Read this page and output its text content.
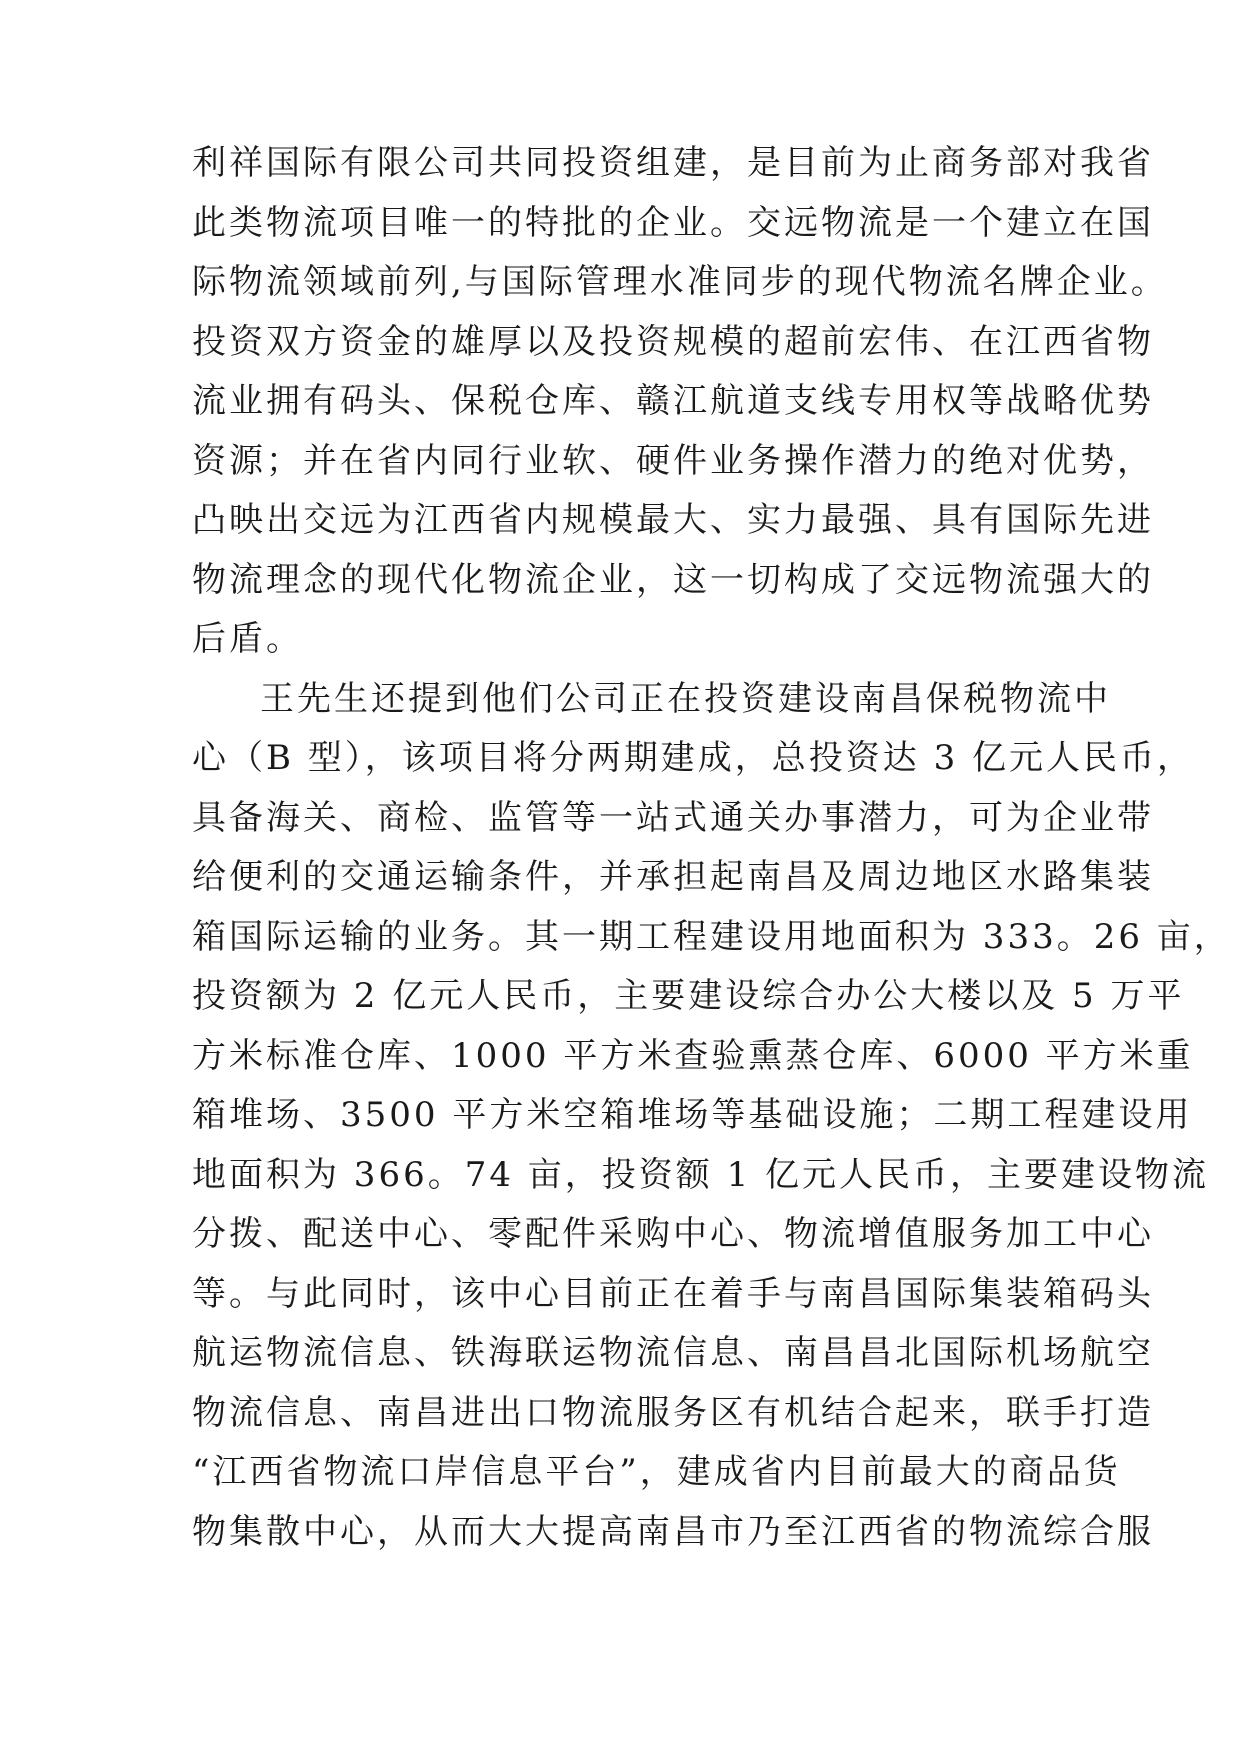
利祥国际有限公司共同投资组建，是目前为止商务部对我省
此类物流项目唯一的特批的企业。交远物流是一个建立在国
际物流领域前列,与国际管理水准同步的现代物流名牌企业。
投资双方资金的雄厚以及投资规模的超前宏伟、在江西省物
流业拥有码头、保税仓库、赣江航道支线专用权等战略优势
资源；并在省内同行业软、硬件业务操作潜力的绝对优势，
凸映出交远为江西省内规模最大、实力最强、具有国际先进
物流理念的现代化物流企业，这一切构成了交远物流强大的
后盾。
王先生还提到他们公司正在投资建设南昌保税物流中
心（B 型），该项目将分两期建成，总投资达 3 亿元人民币，
具备海关、商检、监管等一站式通关办事潜力，可为企业带
给便利的交通运输条件，并承担起南昌及周边地区水路集装
箱国际运输的业务。其一期工程建设用地面积为 333。26 亩，
投资额为 2 亿元人民币，主要建设综合办公大楼以及 5 万平
方米标准仓库、1000 平方米查验熏蒸仓库、6000 平方米重
箱堆场、3500 平方米空箱堆场等基础设施；二期工程建设用
地面积为 366。74 亩，投资额 1 亿元人民币，主要建设物流
分拨、配送中心、零配件采购中心、物流增值服务加工中心
等。与此同时，该中心目前正在着手与南昌国际集装箱码头
航运物流信息、铁海联运物流信息、南昌昌北国际机场航空
物流信息、南昌进出口物流服务区有机结合起来，联手打造
“江西省物流口岸信息平台”，建成省内目前最大的商品货
物集散中心，从而大大提高南昌市乃至江西省的物流综合服
